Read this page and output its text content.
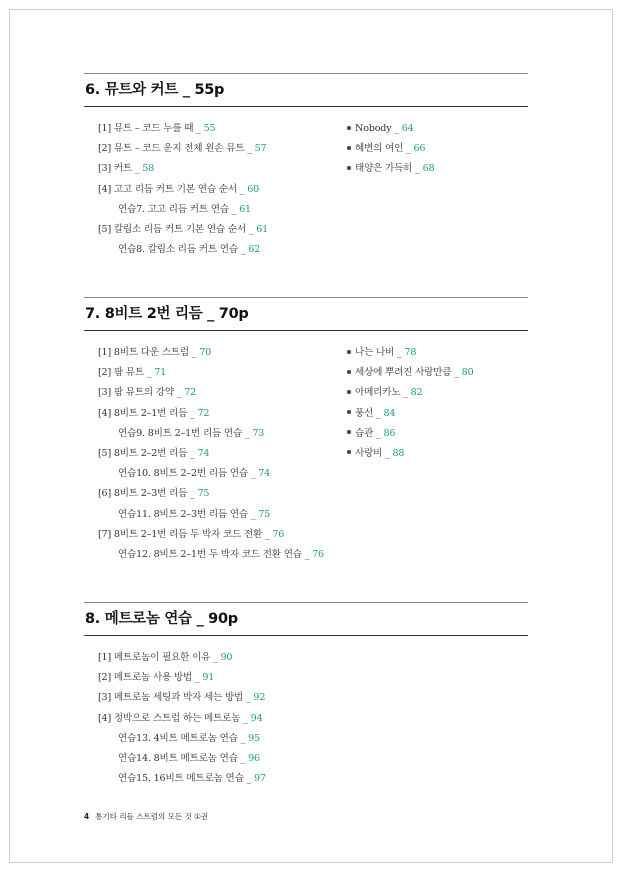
6. 뮤트와 커트 _ 55p
[1] 뮤트 – 코드 누를 때 _ 55
[2] 뮤트 – 코드 운지 전체 왼손 뮤트 _ 57
[3] 커트 _ 58
[4] 고고 리듬 커트 기본 연습 순서 _ 60
연습7. 고고 리듬 커트 연습 _ 61
[5] 칼립소 리듬 커트 기본 연습 순서 _ 61
연습8. 칼립소 리듬 커트 연습 _ 62
Nobody _ 64
혜변의 여인 _ 66
태양은 가득히 _ 68
7. 8비트 2번 리듬 _ 70p
[1] 8비트 다운 스트럼 _ 70
[2] 팜 뮤트 _ 71
[3] 팜 뮤트의 강약 _ 72
[4] 8비트 2–1번 리듬 _ 72
연습9. 8비트 2–1번 리듬 연습 _ 73
[5] 8비트 2–2번 리듬 _ 74
연습10. 8비트 2–2번 리듬 연습 _ 74
[6] 8비트 2–3번 리듬 _ 75
연습11. 8비트 2–3번 리듬 연습 _ 75
[7] 8비트 2–1번 리듬 두 박자 코드 전환 _ 76
연습12. 8비트 2–1번 두 박자 코드 전환 연습 _ 76
나는 나비 _ 78
세상에 뿌려진 사랑만큼 _ 80
아메리카노 _ 82
풍선 _ 84
습관 _ 86
사랑비 _ 88
8. 메트로놈 연습 _ 90p
[1] 메트로놈이 필요한 이유 _ 90
[2] 메트로놈 사용 방법 _ 91
[3] 메트로놈 세팅과 박자 세는 방법 _ 92
[4] 정박으로 스트럼 하는 메트로놈 _ 94
연습13. 4비트 메트로놈 연습 _ 95
연습14. 8비트 메트로놈 연습 _ 96
연습15. 16비트 메트로놈 연습 _ 97
4 통기타 리듬 스트럼의 모든 것 ①권
